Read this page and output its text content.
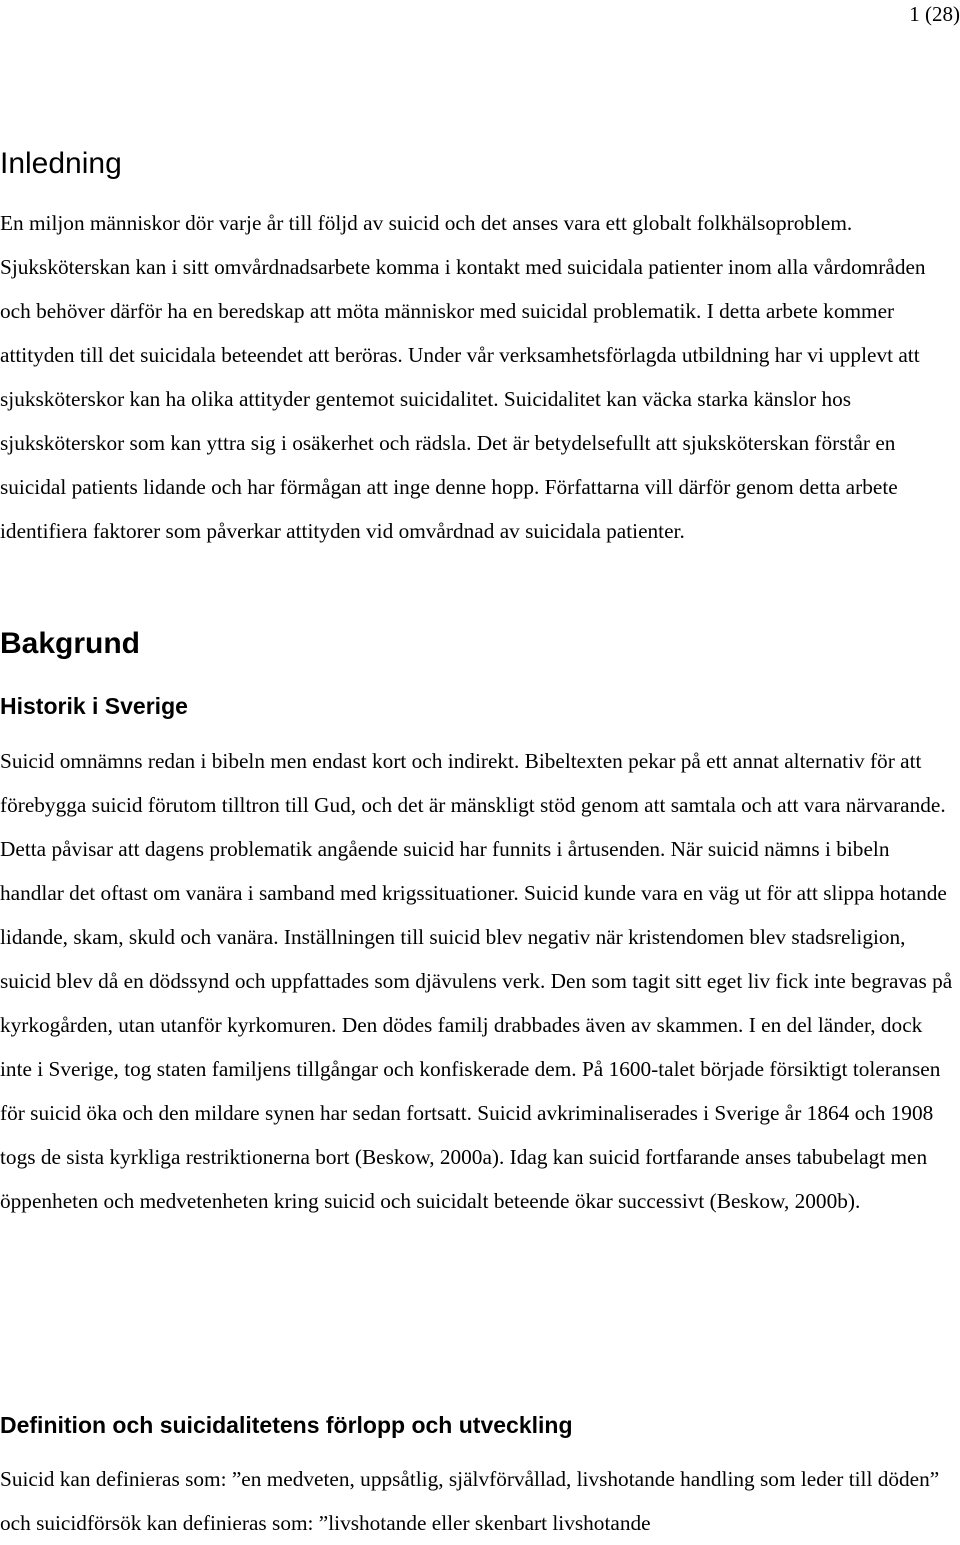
1 (28)
Inledning

En miljon människor dör varje år till följd av suicid och det anses vara ett globalt folkhälsoproblem. Sjuksköterskan kan i sitt omvårdnadsarbete komma i kontakt med suicidala patienter inom alla vårdområden och behöver därför ha en beredskap att möta människor med suicidal problematik. I detta arbete kommer attityden till det suicidala beteendet att beröras. Under vår verksamhetsförlagda utbildning har vi upplevt att sjuksköterskor kan ha olika attityder gentemot suicidalitet. Suicidalitet kan väcka starka känslor hos sjuksköterskor som kan yttra sig i osäkerhet och rädsla. Det är betydelsefullt att sjuksköterskan förstår en suicidal patients lidande och har förmågan att inge denne hopp. Författarna vill därför genom detta arbete identifiera faktorer som påverkar attityden vid omvårdnad av suicidala patienter.

Bakgrund
Historik i Sverige

Suicid omnämns redan i bibeln men endast kort och indirekt. Bibeltexten pekar på ett annat alternativ för att förebygga suicid förutom tilltron till Gud, och det är mänskligt stöd genom att samtala och att vara närvarande. Detta påvisar att dagens problematik angående suicid har funnits i årtusenden. När suicid nämns i bibeln handlar det oftast om vanära i samband med krigssituationer. Suicid kunde vara en väg ut för att slippa hotande lidande, skam, skuld och vanära. Inställningen till suicid blev negativ när kristendomen blev stadsreligion, suicid blev då en dödssynd och uppfattades som djävulens verk. Den som tagit sitt eget liv fick inte begravas på kyrkogården, utan utanför kyrkomuren. Den dödes familj drabbades även av skammen. I en del länder, dock inte i Sverige, tog staten familjens tillgångar och konfiskerade dem. På 1600-talet började försiktigt toleransen för suicid öka och den mildare synen har sedan fortsatt. Suicid avkriminaliserades i Sverige år 1864 och 1908 togs de sista kyrkliga restriktionerna bort (Beskow, 2000a). Idag kan suicid fortfarande anses tabubelagt men öppenheten och medvetenheten kring suicid och suicidalt beteende ökar successivt (Beskow, 2000b).

Definition och suicidalitetens förlopp och utveckling

Suicid kan definieras som: ”en medveten, uppsåtlig, självförvållad, livshotande handling som leder till döden” och suicidförsök kan definieras som: ”livshotande eller skenbart livshotande
